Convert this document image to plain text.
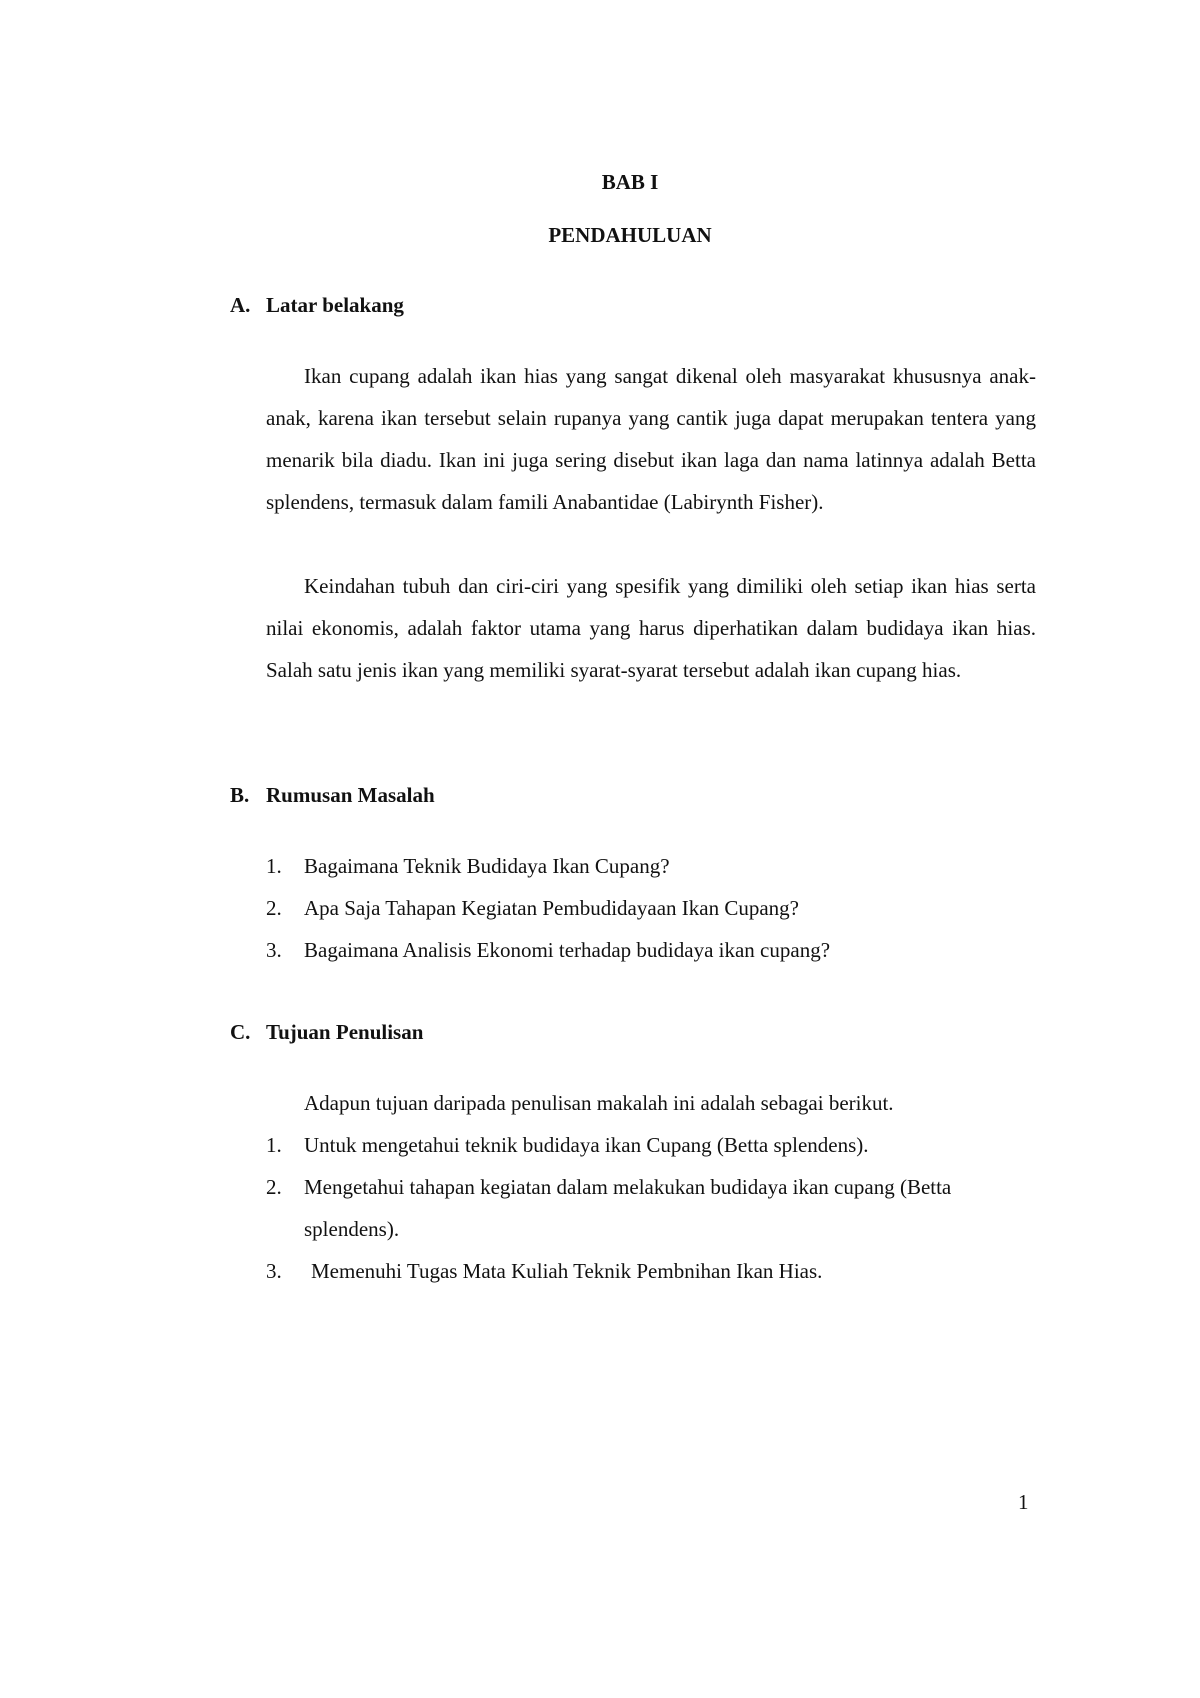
BAB I

PENDAHULUAN

A. Latar belakang

Ikan cupang adalah ikan hias yang sangat dikenal oleh masyarakat khususnya anak-anak, karena ikan tersebut selain rupanya yang cantik juga dapat merupakan tentera yang menarik bila diadu. Ikan ini juga sering disebut ikan laga dan nama latinnya adalah Betta splendens, termasuk dalam famili Anabantidae (Labirynth Fisher).

Keindahan tubuh dan ciri-ciri yang spesifik yang dimiliki oleh setiap ikan hias serta nilai ekonomis, adalah faktor utama yang harus diperhatikan dalam budidaya ikan hias. Salah satu jenis ikan yang memiliki syarat-syarat tersebut adalah ikan cupang hias.

B. Rumusan Masalah
1. Bagaimana Teknik Budidaya Ikan Cupang?
2. Apa Saja Tahapan Kegiatan Pembudidayaan Ikan Cupang?
3. Bagaimana Analisis Ekonomi terhadap budidaya ikan cupang?
C. Tujuan Penulisan

Adapun tujuan daripada penulisan makalah ini adalah sebagai berikut.

1. Untuk mengetahui teknik budidaya ikan Cupang (Betta splendens).
2. Mengetahui tahapan kegiatan dalam melakukan budidaya ikan cupang (Betta splendens).
3. Memenuhi Tugas Mata Kuliah Teknik Pembnihan Ikan Hias.

1
